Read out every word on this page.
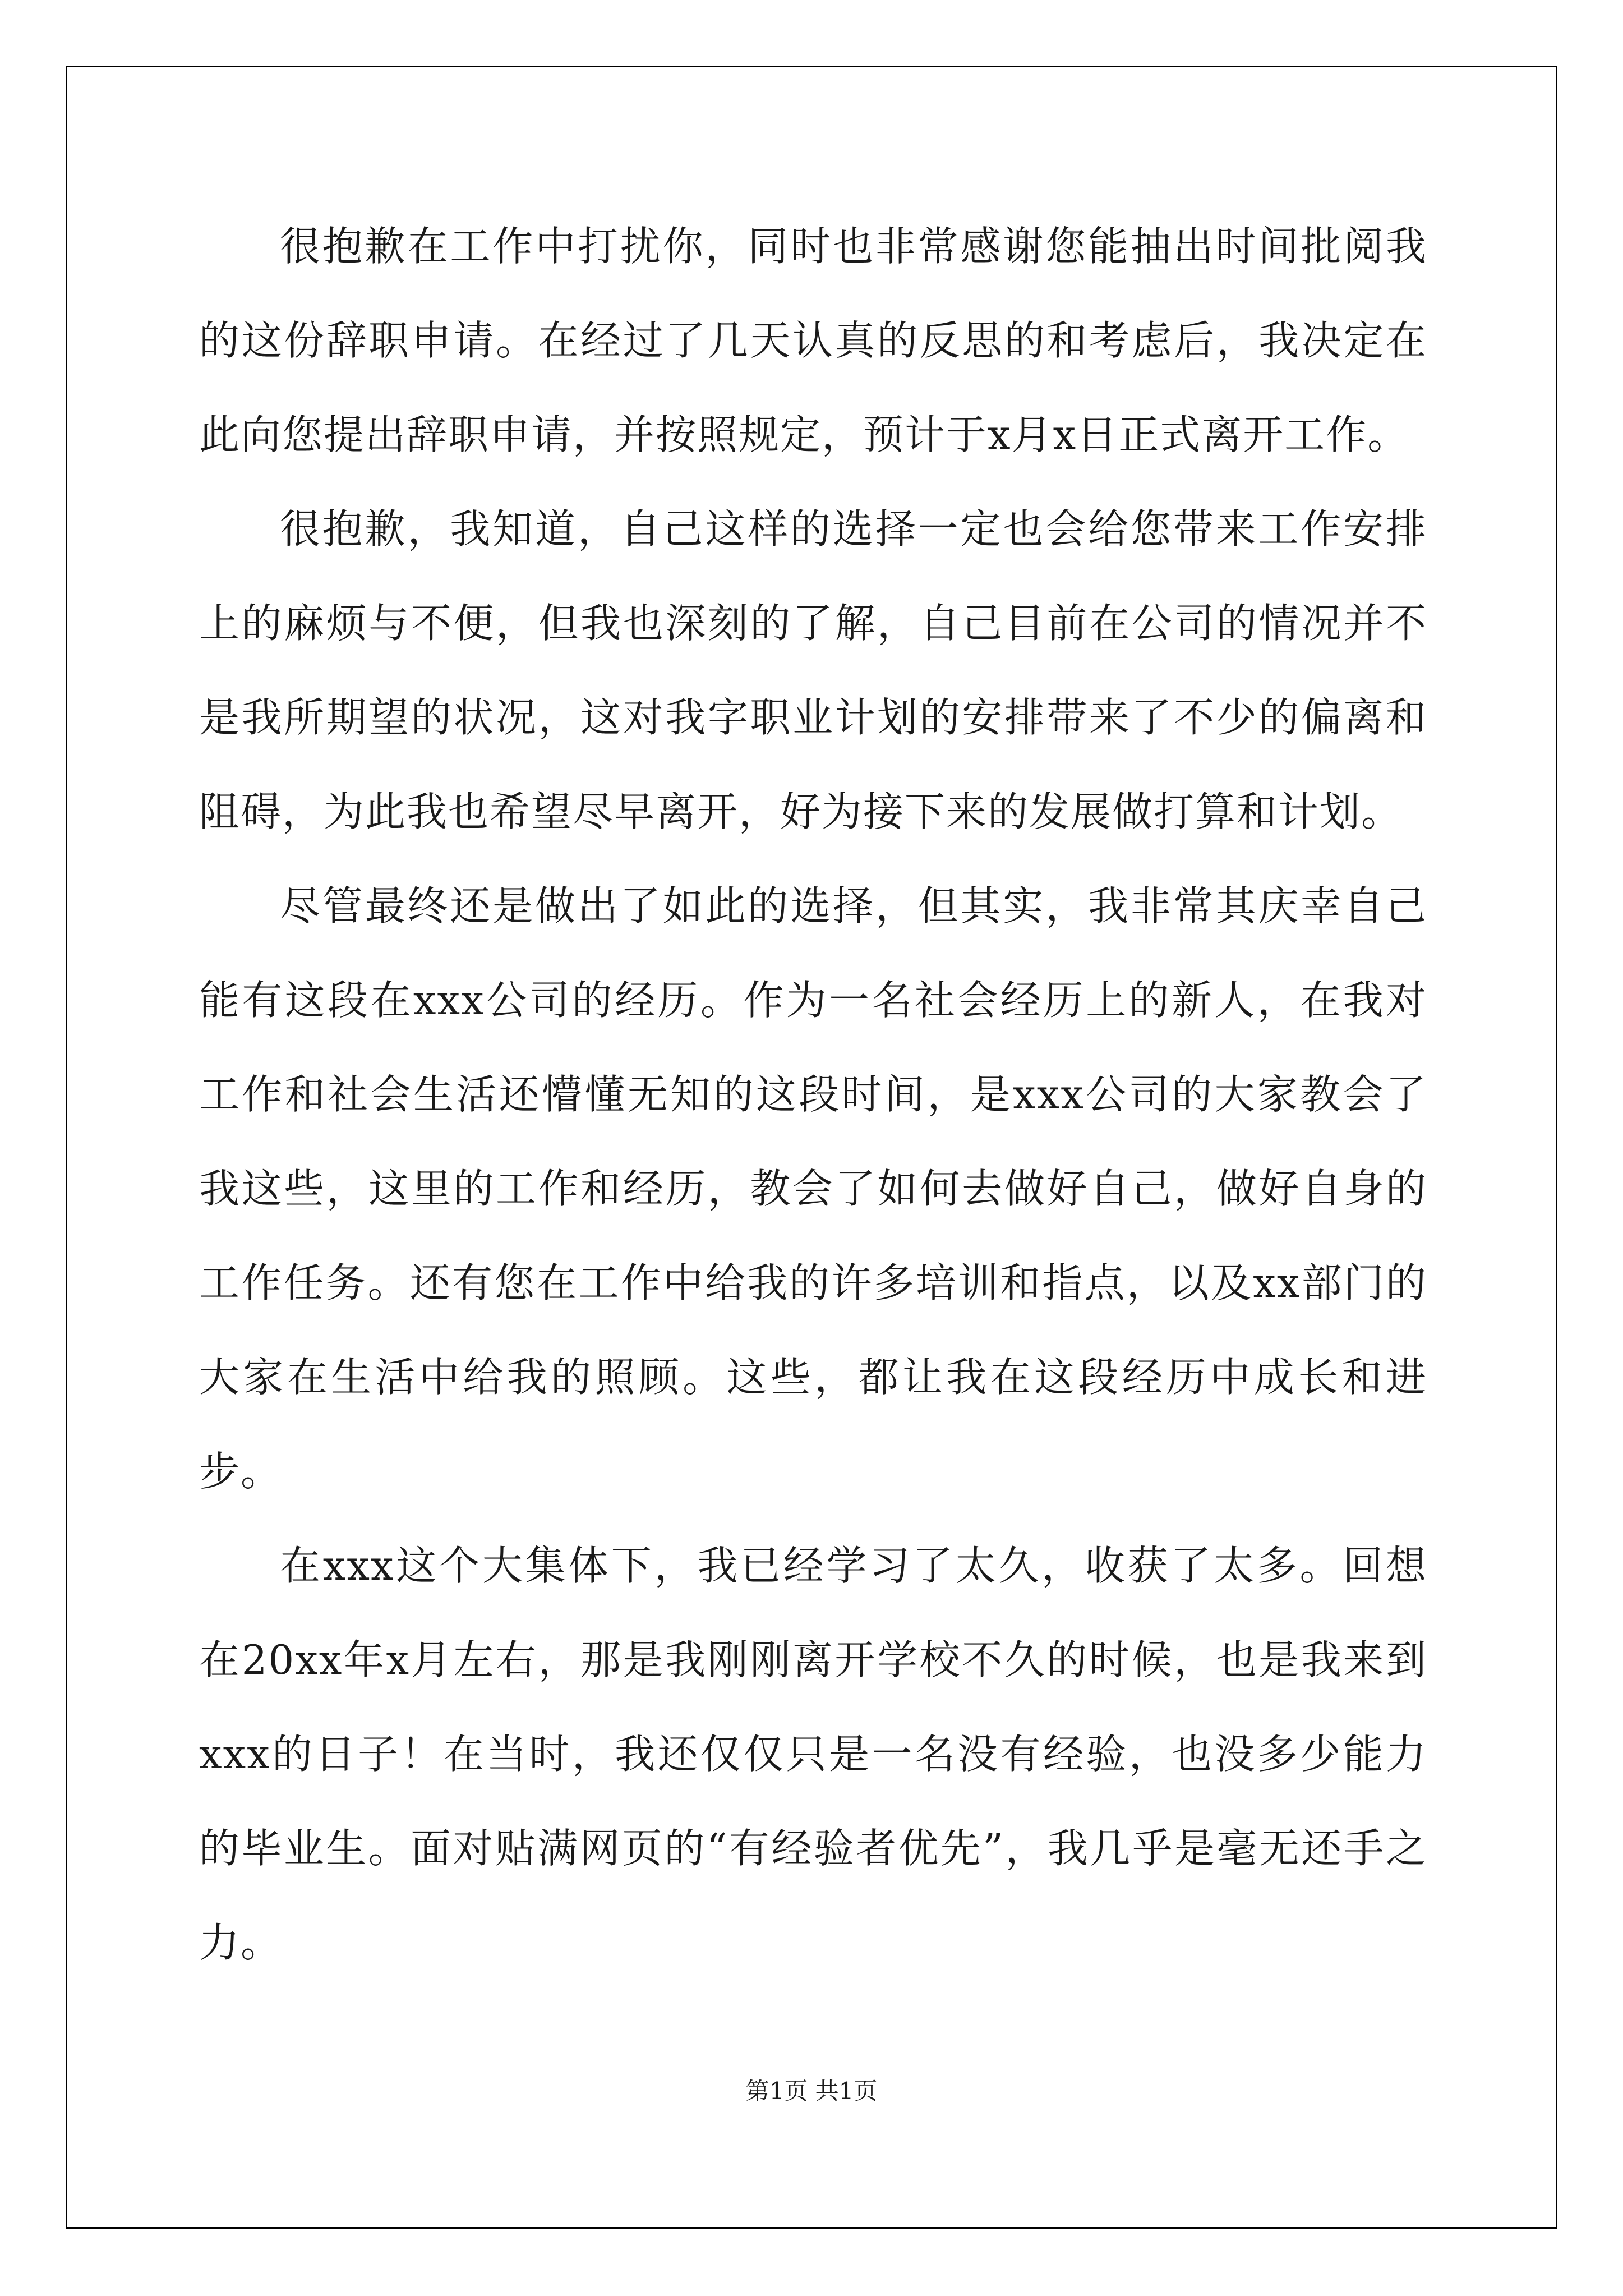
很抱歉在工作中打扰你，同时也非常感谢您能抽出时间批阅我的这份辞职申请。在经过了几天认真的反思的和考虑后，我决定在此向您提出辞职申请，并按照规定，预计于x月x日正式离开工作。

很抱歉，我知道，自己这样的选择一定也会给您带来工作安排上的麻烦与不便，但我也深刻的了解，自己目前在公司的情况并不是我所期望的状况，这对我字职业计划的安排带来了不少的偏离和阻碍，为此我也希望尽早离开，好为接下来的发展做打算和计划。

尽管最终还是做出了如此的选择，但其实，我非常其庆幸自己能有这段在xxx公司的经历。作为一名社会经历上的新人，在我对工作和社会生活还懵懂无知的这段时间，是xxx公司的大家教会了我这些，这里的工作和经历，教会了如何去做好自己，做好自身的工作任务。还有您在工作中给我的许多培训和指点，以及xx部门的大家在生活中给我的照顾。这些，都让我在这段经历中成长和进步。

在xxx这个大集体下，我已经学习了太久，收获了太多。回想在20xx年x月左右，那是我刚刚离开学校不久的时候，也是我来到xxx的日子！在当时，我还仅仅只是一名没有经验，也没多少能力的毕业生。面对贴满网页的“有经验者优先”，我几乎是毫无还手之力。

第1页 共1页
